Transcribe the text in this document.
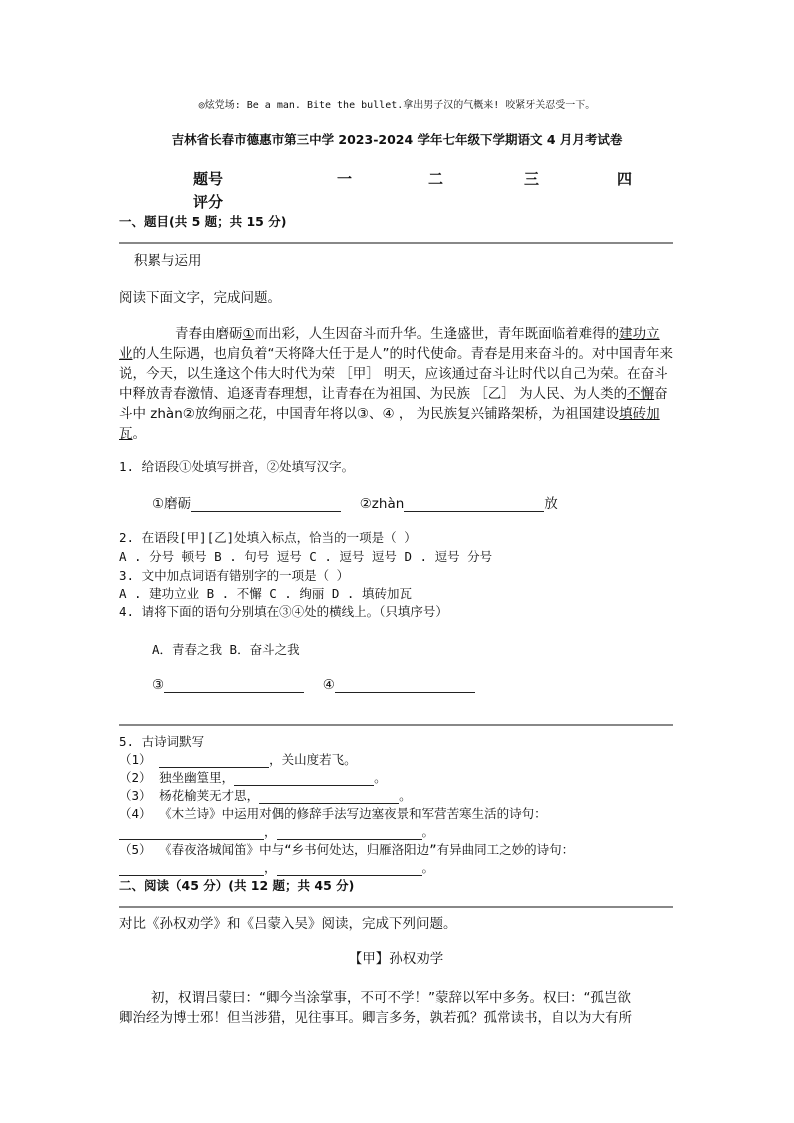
◎炫党场: Be a man. Bite the bullet.拿出男子汉的气概来! 咬紧牙关忍受一下。
吉林省长春市德惠市第三中学 2023-2024 学年七年级下学期语文 4 月月考试卷
题号	一	二	三	四
评分
一、题目(共 5 题；共 15 分)
积累与运用
阅读下面文字，完成问题。
青春由磨砺①而出彩，人生因奋斗而升华。生逢盛世，青年既面临着难得的建功立业的人生际遇，也肩负着“天将降大任于是人”的时代使命。青春是用来奋斗的。对中国青年来说，今天，以生逢这个伟大时代为荣 ［甲］ 明天，应该通过奋斗让时代以自己为荣。在奋斗中释放青春激情、追逐青春理想，让青春在为祖国、为民族 ［乙］ 为人民、为人类的不懈奋斗中 zhàn②放绚丽之花，中国青年将以③、④ ， 为民族复兴铺路架桥，为祖国建设填砖加瓦。
1. 给语段①处填写拼音，②处填写汉字。
①磨砺	②zhàn	放
2. 在语段[甲][乙]处填入标点，恰当的一项是（ ）
A . 分号 顿号 B . 句号 逗号 C . 逗号 逗号 D . 逗号 分号
3. 文中加点词语有错别字的一项是（ ）
A . 建功立业 B . 不懈 C . 绚丽 D . 填砖加瓦
4. 请将下面的语句分别填在③④处的横线上。（只填序号）
A．青春之我 B．奋斗之我
③	④
5. 古诗词默写
（1）	，关山度若飞。
（2） 独坐幽篁里，	。
（3） 杨花榆荚无才思，	。
（4） 《木兰诗》中运用对偶的修辞手法写边塞夜景和军营苦寒生活的诗句：
，	。
（5） 《春夜洛城闻笛》中与“乡书何处达，归雁洛阳边”有异曲同工之妙的诗句：
，	。
二、阅读（45 分）(共 12 题；共 45 分)
对比《孙权劝学》和《吕蒙入吴》阅读，完成下列问题。
【甲】孙权劝学
初，权谓吕蒙曰：“卿今当涂掌事，不可不学！”蒙辞以军中多务。权曰：“孤岂欲
卿治经为博士邪！但当涉猎，见往事耳。卿言多务，孰若孤？孤常读书，自以为大有所
